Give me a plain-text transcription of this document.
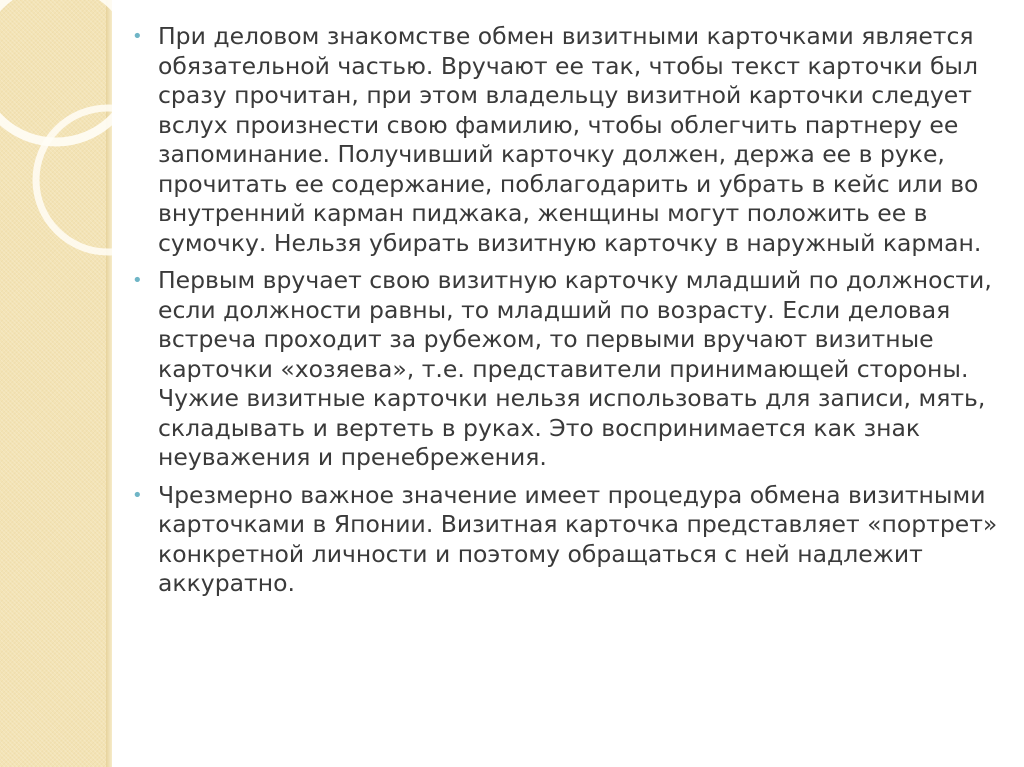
• При деловом знакомстве обмен визитными карточками является обязательной частью. Вручают ее так, чтобы текст карточки был сразу прочитан, при этом владельцу визитной карточки следует вслух произнести свою фамилию, чтобы облегчить партнеру ее запоминание. Получивший карточку должен, держа ее в руке, прочитать ее содержание, поблагодарить и убрать в кейс или во внутренний карман пиджака, женщины могут положить ее в сумочку. Нельзя убирать визитную карточку в наружный карман.
• Первым вручает свою визитную карточку младший по должности, если должности равны, то младший по возрасту. Если деловая встреча проходит за рубежом, то первыми вручают визитные карточки «хозяева», т.е. представители принимающей стороны. Чужие визитные карточки нельзя использовать для записи, мять, складывать и вертеть в руках. Это воспринимается как знак неуважения и пренебрежения.
• Чрезмерно важное значение имеет процедура обмена визитными карточками в Японии. Визитная карточка представляет «портрет» конкретной личности и поэтому обращаться с ней надлежит аккуратно.
